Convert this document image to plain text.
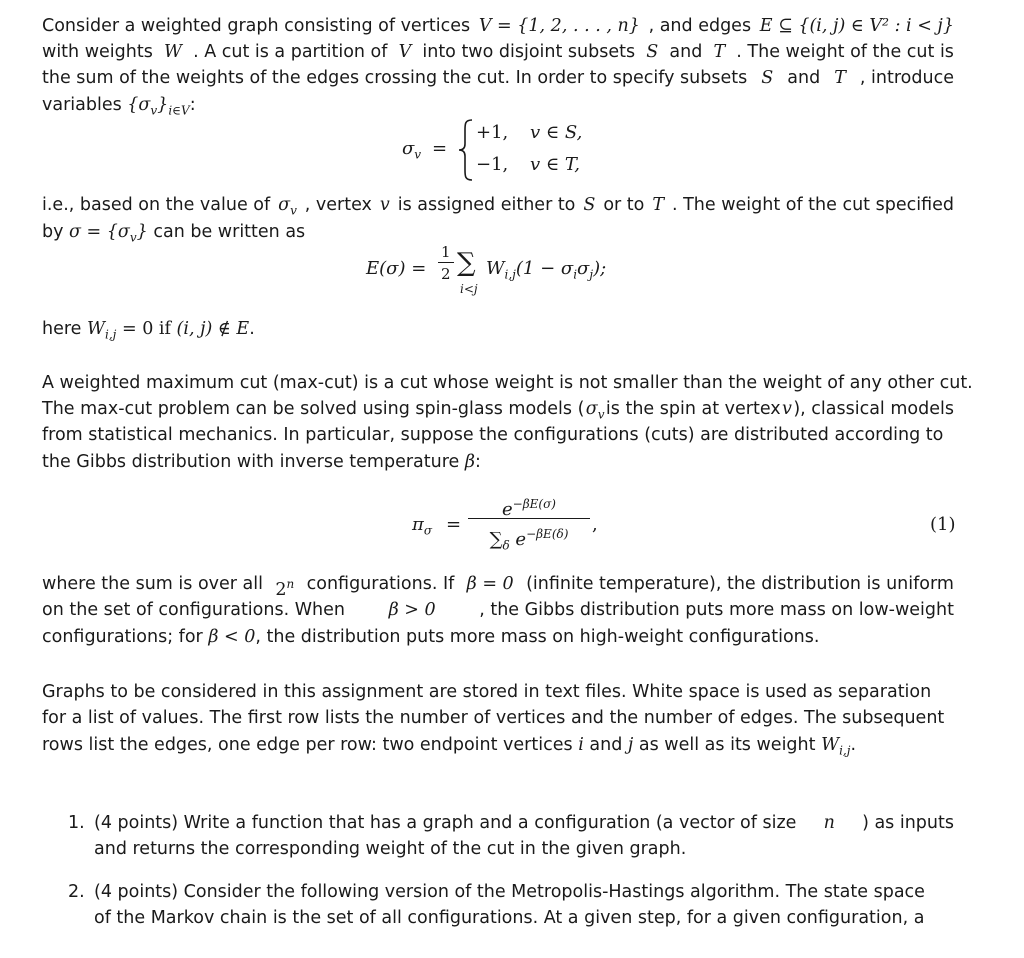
Consider a weighted graph consisting of vertices V = {1, 2, . . . , n} , and edges E ⊆ {(i, j) ∈ V² : i < j}
with weights W . A cut is a partition of V into two disjoint subsets S and T . The weight of the cut is
the sum of the weights of the edges crossing the cut. In order to specify subsets S and T , introduce
variables $\{\sigma_v\}_{i\in V}$:
$\sigma_v$ =
+1, v ∈ S,
−1, v ∈ T,
i.e., based on the value of $\sigma_v$ , vertex v is assigned either to S or to T . The weight of the cut specified
by $\sigma = \{\sigma_v\}$ can be written as
$E(\sigma) = \frac{1}{2}$ ∑
i<j
$W_{i,j}(1 - \sigma_i\sigma_j)$;
here $W_{i,j} = 0$ if (i, j) ∉ E.
A weighted maximum cut (max-cut) is a cut whose weight is not smaller than the weight of any other cut.
The max-cut problem can be solved using spin-glass models ( $\sigma_v$ is the spin at vertex v ), classical models
from statistical mechanics. In particular, suppose the configurations (cuts) are distributed according to
the Gibbs distribution with inverse temperature β:
$\pi_\sigma = \frac{e^{-\beta E(\sigma)}}{\sum_\delta e^{-\beta E(\delta)}}$ ,	(1)
where the sum is over all 2$^n$ configurations. If β = 0 (infinite temperature), the distribution is uniform
on the set of configurations. When β > 0 , the Gibbs distribution puts more mass on low-weight
configurations; for β < 0, the distribution puts more mass on high-weight configurations.
Graphs to be considered in this assignment are stored in text files. White space is used as separation
for a list of values. The first row lists the number of vertices and the number of edges. The subsequent
rows list the edges, one edge per row: two endpoint vertices i and j as well as its weight $W_{i,j}$.
1. (4 points) Write a function that has a graph and a configuration (a vector of size n ) as inputs
and returns the corresponding weight of the cut in the given graph.
2. (4 points) Consider the following version of the Metropolis-Hastings algorithm. The state space
of the Markov chain is the set of all configurations. At a given step, for a given configuration, a
